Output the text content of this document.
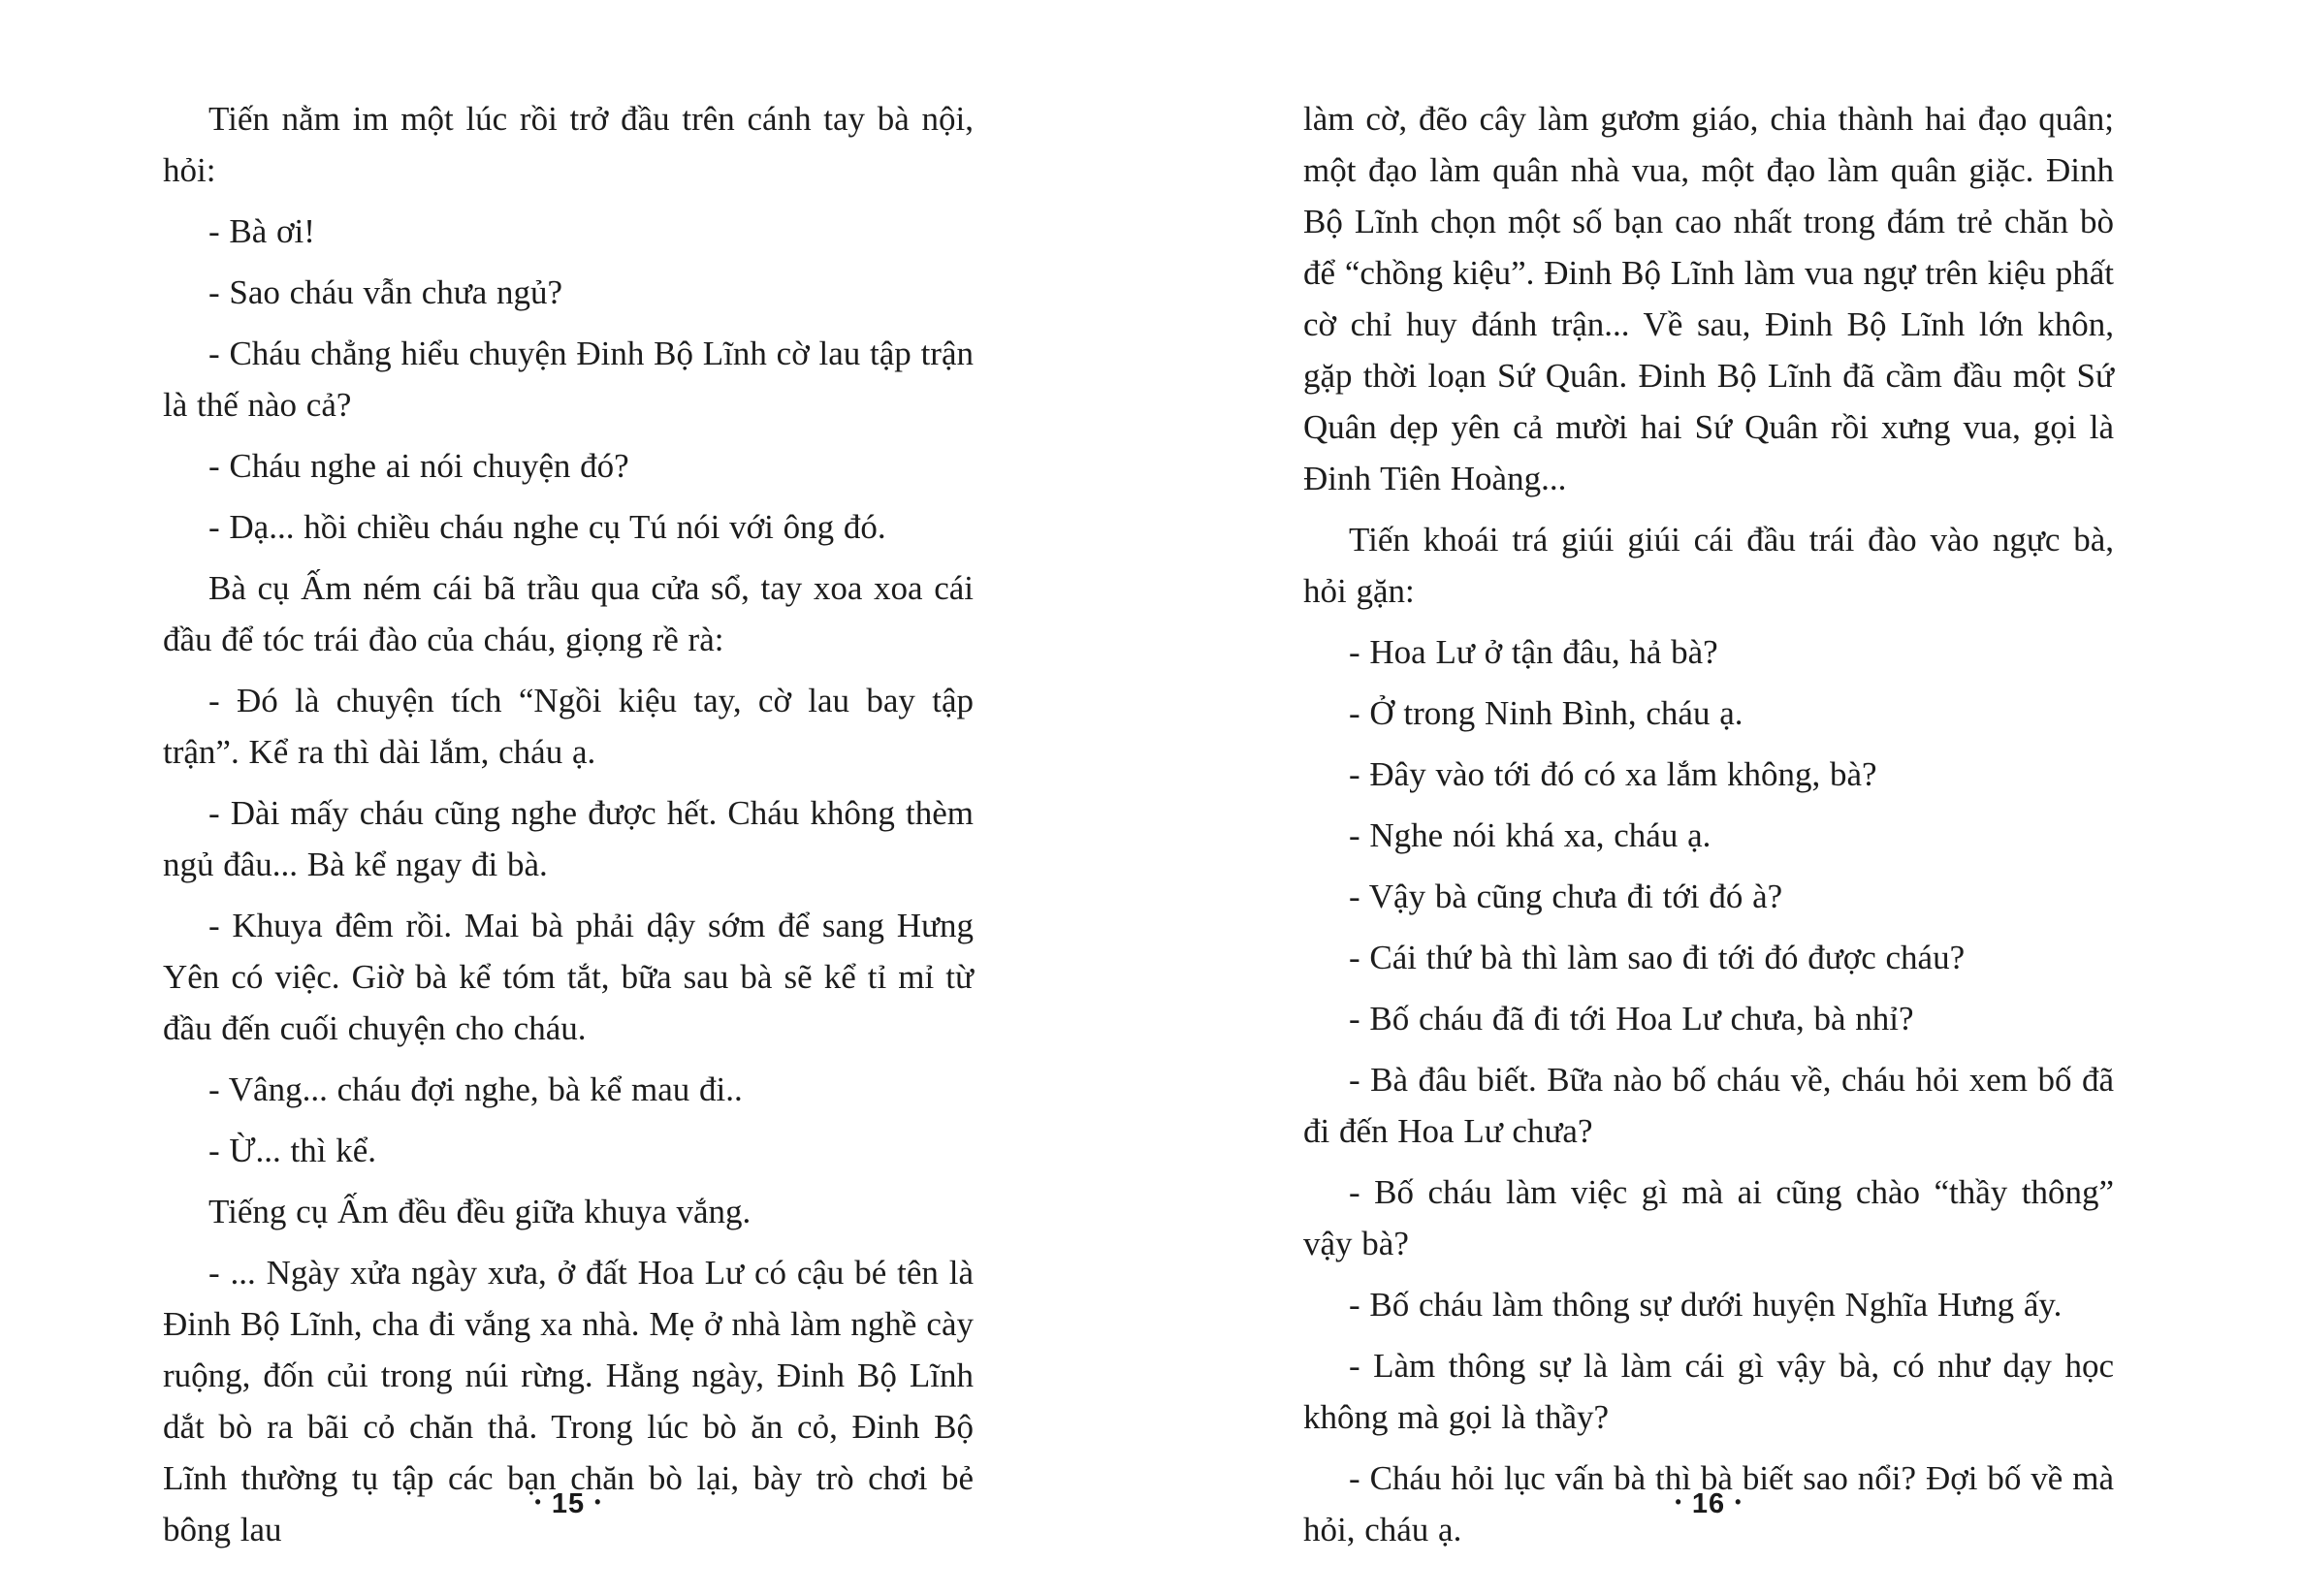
Tiến nằm im một lúc rồi trở đầu trên cánh tay bà nội, hỏi:

- Bà ơi!

- Sao cháu vẫn chưa ngủ?

- Cháu chẳng hiểu chuyện Đinh Bộ Lĩnh cờ lau tập trận là thế nào cả?

- Cháu nghe ai nói chuyện đó?

- Dạ... hồi chiều cháu nghe cụ Tú nói với ông đó.

Bà cụ Ấm ném cái bã trầu qua cửa sổ, tay xoa xoa cái đầu để tóc trái đào của cháu, giọng rề rà:

- Đó là chuyện tích “Ngồi kiệu tay, cờ lau bay tập trận”. Kể ra thì dài lắm, cháu ạ.

- Dài mấy cháu cũng nghe được hết. Cháu không thèm ngủ đâu... Bà kể ngay đi bà.

- Khuya đêm rồi. Mai bà phải dậy sớm để sang Hưng Yên có việc. Giờ bà kể tóm tắt, bữa sau bà sẽ kể tỉ mỉ từ đầu đến cuối chuyện cho cháu.

- Vâng... cháu đợi nghe, bà kể mau đi..

- Ừ... thì kể.

Tiếng cụ Ấm đều đều giữa khuya vắng.

- ... Ngày xửa ngày xưa, ở đất Hoa Lư có cậu bé tên là Đinh Bộ Lĩnh, cha đi vắng xa nhà. Mẹ ở nhà làm nghề cày ruộng, đốn củi trong núi rừng. Hằng ngày, Đinh Bộ Lĩnh dắt bò ra bãi cỏ chăn thả. Trong lúc bò ăn cỏ, Đinh Bộ Lĩnh thường tụ tập các bạn chăn bò lại, bày trò chơi bẻ bông lau

• 15 •

làm cờ, đẽo cây làm gươm giáo, chia thành hai đạo quân; một đạo làm quân nhà vua, một đạo làm quân giặc. Đinh Bộ Lĩnh chọn một số bạn cao nhất trong đám trẻ chăn bò để “chồng kiệu”. Đinh Bộ Lĩnh làm vua ngự trên kiệu phất cờ chỉ huy đánh trận... Về sau, Đinh Bộ Lĩnh lớn khôn, gặp thời loạn Sứ Quân. Đinh Bộ Lĩnh đã cầm đầu một Sứ Quân dẹp yên cả mười hai Sứ Quân rồi xưng vua, gọi là Đinh Tiên Hoàng...

Tiến khoái trá giúi giúi cái đầu trái đào vào ngực bà, hỏi gặn:

- Hoa Lư ở tận đâu, hả bà?

- Ở trong Ninh Bình, cháu ạ.

- Đây vào tới đó có xa lắm không, bà?

- Nghe nói khá xa, cháu ạ.

- Vậy bà cũng chưa đi tới đó à?

- Cái thứ bà thì làm sao đi tới đó được cháu?

- Bố cháu đã đi tới Hoa Lư chưa, bà nhỉ?

- Bà đâu biết. Bữa nào bố cháu về, cháu hỏi xem bố đã đi đến Hoa Lư chưa?

- Bố cháu làm việc gì mà ai cũng chào “thầy thông” vậy bà?

- Bố cháu làm thông sự dưới huyện Nghĩa Hưng ấy.

- Làm thông sự là làm cái gì vậy bà, có như dạy học không mà gọi là thầy?

- Cháu hỏi lục vấn bà thì bà biết sao nổi? Đợi bố về mà hỏi, cháu ạ.

• 16 •
